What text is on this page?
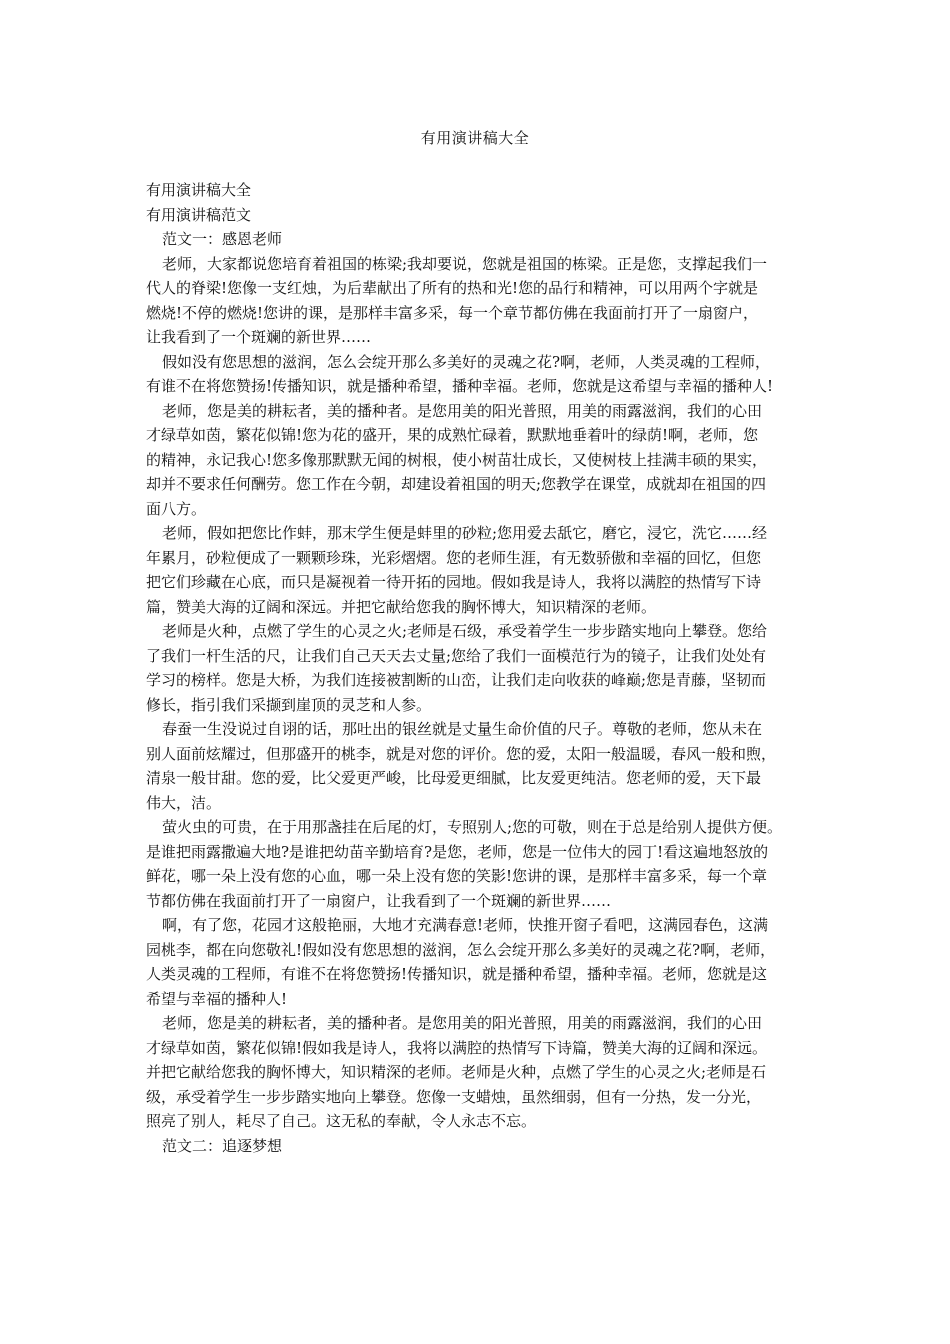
有用演讲稿大全
有用演讲稿大全
有用演讲稿范文
范文一：感恩老师
老师，大家都说您培育着祖国的栋梁;我却要说，您就是祖国的栋梁。正是您，支撑起我们一
代人的脊梁!您像一支红烛，为后辈献出了所有的热和光!您的品行和精神，可以用两个字就是
燃烧!不停的燃烧!您讲的课，是那样丰富多采，每一个章节都仿佛在我面前打开了一扇窗户，
让我看到了一个斑斓的新世界……
假如没有您思想的滋润，怎么会绽开那么多美好的灵魂之花?啊，老师，人类灵魂的工程师，
有谁不在将您赞扬!传播知识，就是播种希望，播种幸福。老师，您就是这希望与幸福的播种人!
老师，您是美的耕耘者，美的播种者。是您用美的阳光普照，用美的雨露滋润，我们的心田
才绿草如茵，繁花似锦!您为花的盛开，果的成熟忙碌着，默默地垂着叶的绿荫!啊，老师，您
的精神，永记我心!您多像那默默无闻的树根，使小树苗壮成长，又使树枝上挂满丰硕的果实，
却并不要求任何酬劳。您工作在今朝，却建设着祖国的明天;您教学在课堂，成就却在祖国的四
面八方。
老师，假如把您比作蚌，那末学生便是蚌里的砂粒;您用爱去舐它，磨它，浸它，洗它……经
年累月，砂粒便成了一颗颗珍珠，光彩熠熠。您的老师生涯，有无数骄傲和幸福的回忆，但您
把它们珍藏在心底，而只是凝视着一待开拓的园地。假如我是诗人，我将以满腔的热情写下诗
篇，赞美大海的辽阔和深远。并把它献给您我的胸怀博大，知识精深的老师。
老师是火种，点燃了学生的心灵之火;老师是石级，承受着学生一步步踏实地向上攀登。您给
了我们一杆生活的尺，让我们自己天天去丈量;您给了我们一面模范行为的镜子，让我们处处有
学习的榜样。您是大桥，为我们连接被割断的山峦，让我们走向收获的峰巅;您是青藤，坚韧而
修长，指引我们采撷到崖顶的灵芝和人参。
春蚕一生没说过自诩的话，那吐出的银丝就是丈量生命价值的尺子。尊敬的老师，您从未在
别人面前炫耀过，但那盛开的桃李，就是对您的评价。您的爱，太阳一般温暖，春风一般和煦，
清泉一般甘甜。您的爱，比父爱更严峻，比母爱更细腻，比友爱更纯洁。您老师的爱，天下最
伟大，洁。
萤火虫的可贵，在于用那盏挂在后尾的灯，专照别人;您的可敬，则在于总是给别人提供方便。
是谁把雨露撒遍大地?是谁把幼苗辛勤培育?是您，老师，您是一位伟大的园丁!看这遍地怒放的
鲜花，哪一朵上没有您的心血，哪一朵上没有您的笑影!您讲的课，是那样丰富多采，每一个章
节都仿佛在我面前打开了一扇窗户，让我看到了一个斑斓的新世界……
啊，有了您，花园才这般艳丽，大地才充满春意!老师，快推开窗子看吧，这满园春色，这满
园桃李，都在向您敬礼!假如没有您思想的滋润，怎么会绽开那么多美好的灵魂之花?啊，老师，
人类灵魂的工程师，有谁不在将您赞扬!传播知识，就是播种希望，播种幸福。老师，您就是这
希望与幸福的播种人!
老师，您是美的耕耘者，美的播种者。是您用美的阳光普照，用美的雨露滋润，我们的心田
才绿草如茵，繁花似锦!假如我是诗人，我将以满腔的热情写下诗篇，赞美大海的辽阔和深远。
并把它献给您我的胸怀博大，知识精深的老师。老师是火种，点燃了学生的心灵之火;老师是石
级，承受着学生一步步踏实地向上攀登。您像一支蜡烛，虽然细弱，但有一分热，发一分光，
照亮了别人，耗尽了自己。这无私的奉献，令人永志不忘。
范文二：追逐梦想
